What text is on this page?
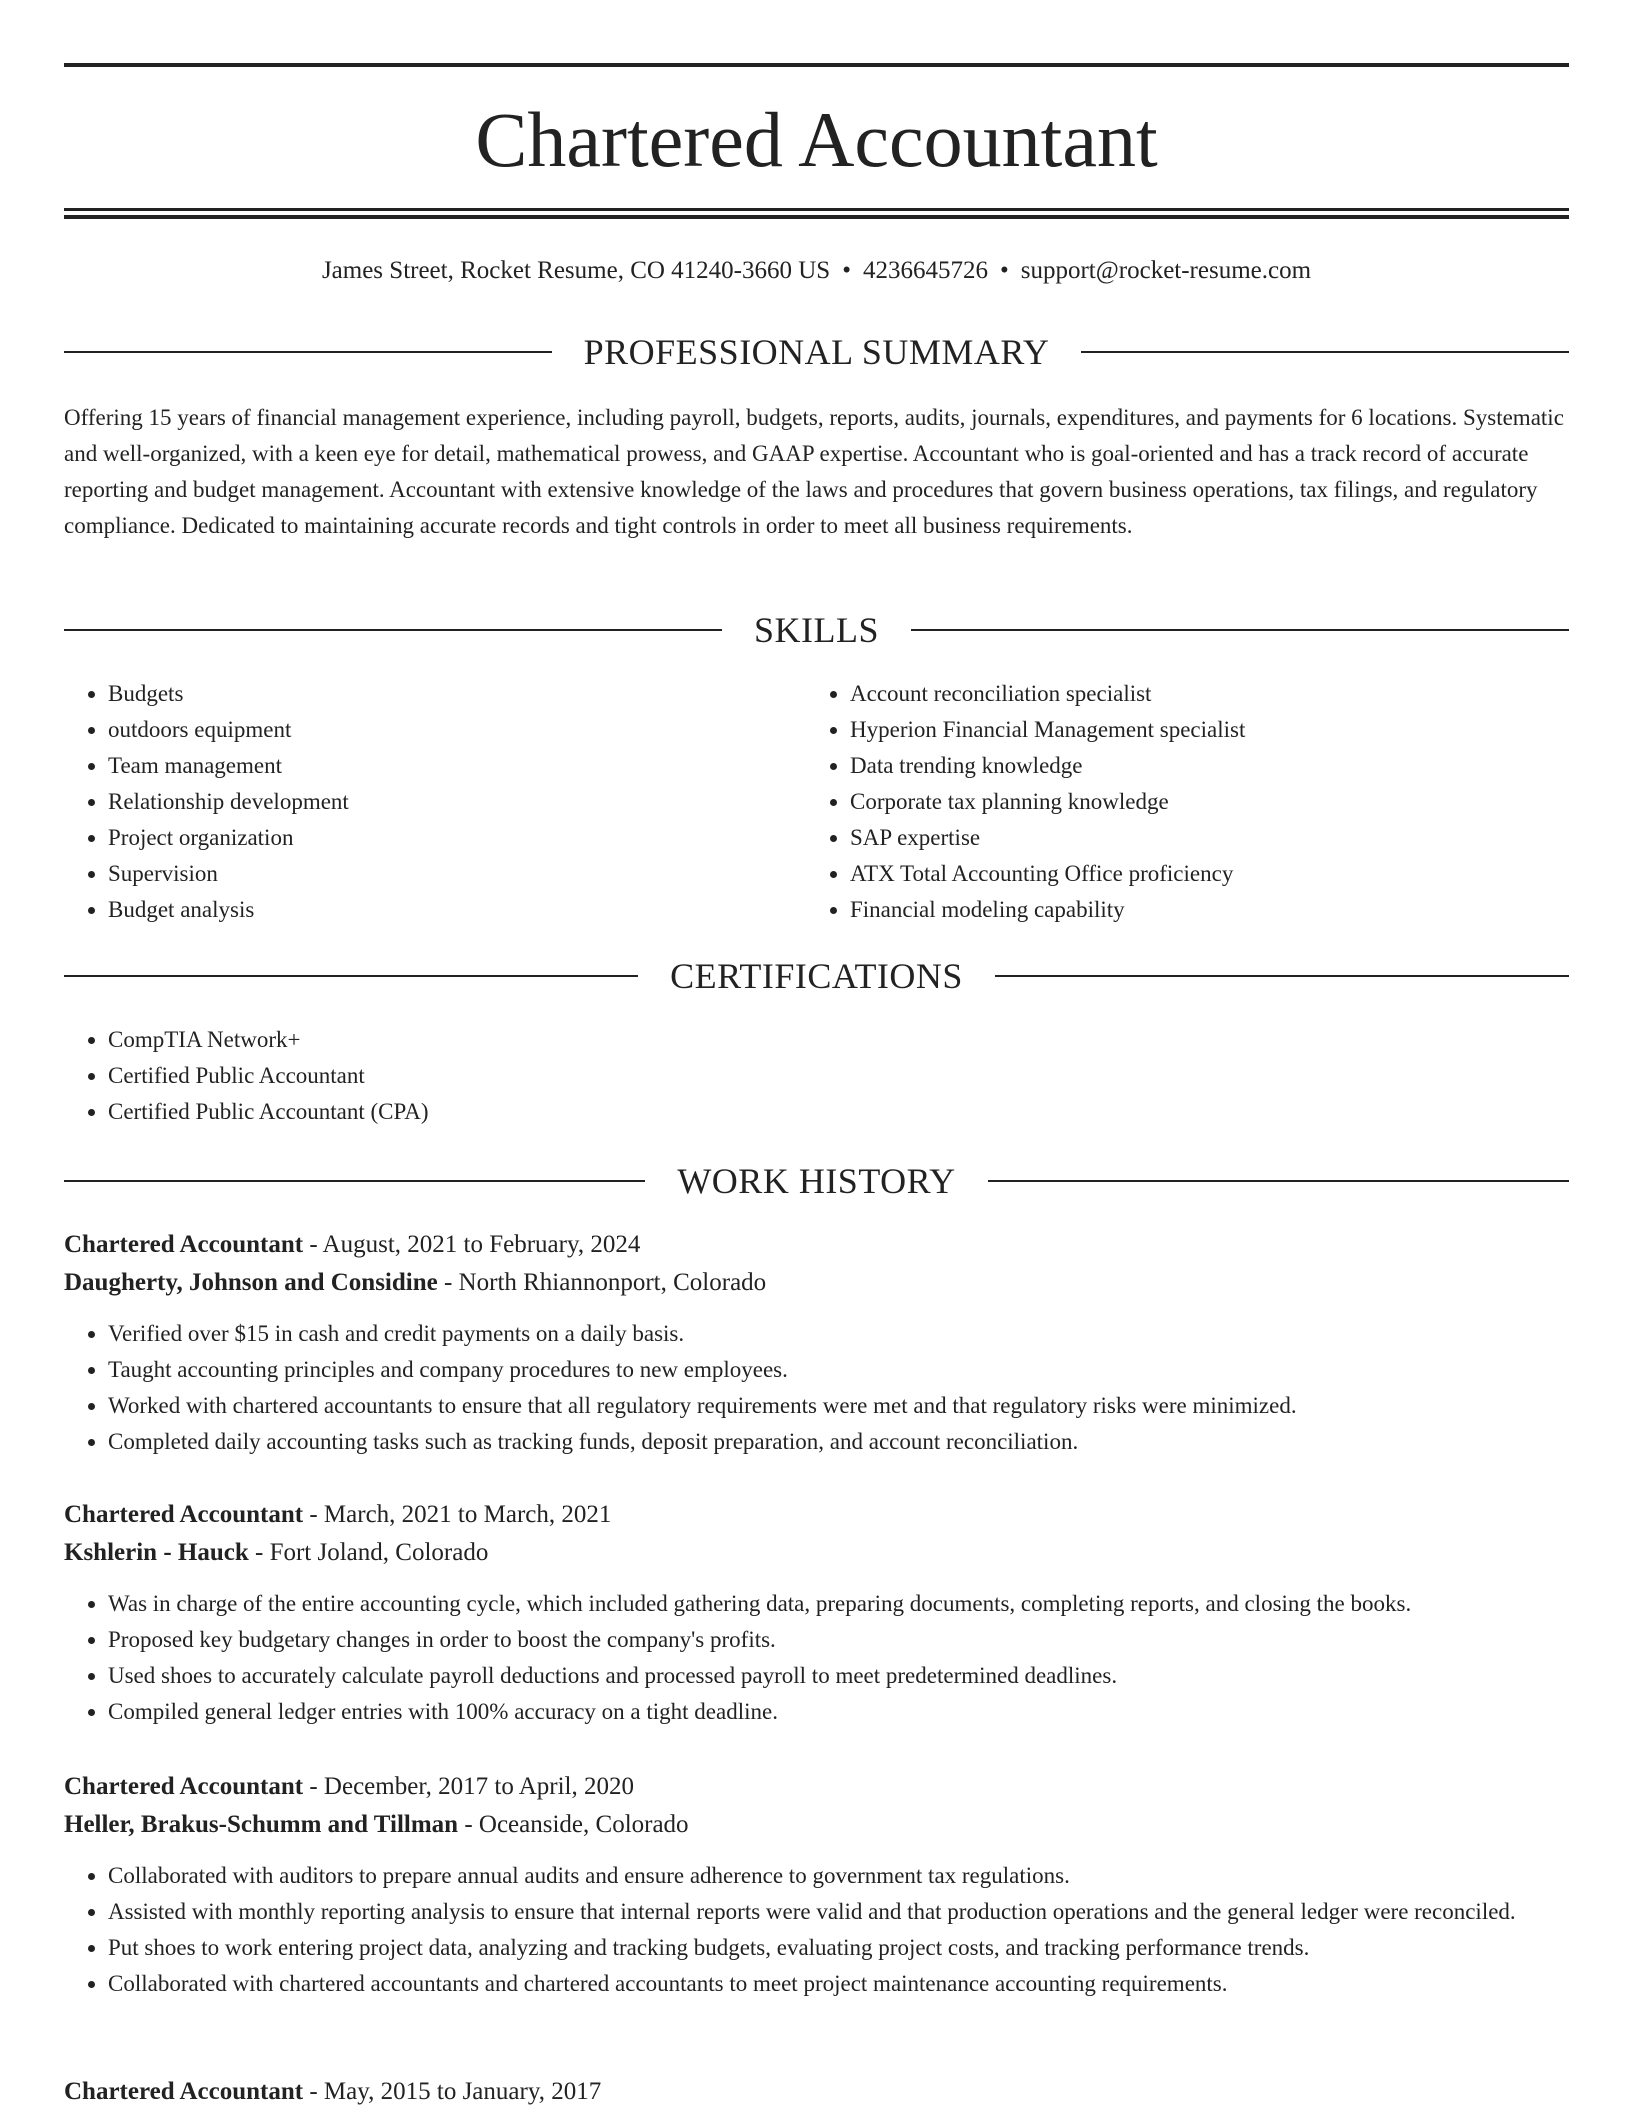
Chartered Accountant
James Street, Rocket Resume, CO 41240-3660 US • 4236645726 • support@rocket-resume.com
PROFESSIONAL SUMMARY
Offering 15 years of financial management experience, including payroll, budgets, reports, audits, journals, expenditures, and payments for 6 locations. Systematic and well-organized, with a keen eye for detail, mathematical prowess, and GAAP expertise. Accountant who is goal-oriented and has a track record of accurate reporting and budget management. Accountant with extensive knowledge of the laws and procedures that govern business operations, tax filings, and regulatory compliance. Dedicated to maintaining accurate records and tight controls in order to meet all business requirements.
SKILLS
• Budgets
• outdoors equipment
• Team management
• Relationship development
• Project organization
• Supervision
• Budget analysis
• Account reconciliation specialist
• Hyperion Financial Management specialist
• Data trending knowledge
• Corporate tax planning knowledge
• SAP expertise
• ATX Total Accounting Office proficiency
• Financial modeling capability
CERTIFICATIONS
• CompTIA Network+
• Certified Public Accountant
• Certified Public Accountant (CPA)
WORK HISTORY
Chartered Accountant - August, 2021 to February, 2024
Daugherty, Johnson and Considine - North Rhiannonport, Colorado
• Verified over $15 in cash and credit payments on a daily basis.
• Taught accounting principles and company procedures to new employees.
• Worked with chartered accountants to ensure that all regulatory requirements were met and that regulatory risks were minimized.
• Completed daily accounting tasks such as tracking funds, deposit preparation, and account reconciliation.
Chartered Accountant - March, 2021 to March, 2021
Kshlerin - Hauck - Fort Joland, Colorado
• Was in charge of the entire accounting cycle, which included gathering data, preparing documents, completing reports, and closing the books.
• Proposed key budgetary changes in order to boost the company's profits.
• Used shoes to accurately calculate payroll deductions and processed payroll to meet predetermined deadlines.
• Compiled general ledger entries with 100% accuracy on a tight deadline.
Chartered Accountant - December, 2017 to April, 2020
Heller, Brakus-Schumm and Tillman - Oceanside, Colorado
• Collaborated with auditors to prepare annual audits and ensure adherence to government tax regulations.
• Assisted with monthly reporting analysis to ensure that internal reports were valid and that production operations and the general ledger were reconciled.
• Put shoes to work entering project data, analyzing and tracking budgets, evaluating project costs, and tracking performance trends.
• Collaborated with chartered accountants and chartered accountants to meet project maintenance accounting requirements.
Chartered Accountant - May, 2015 to January, 2017
